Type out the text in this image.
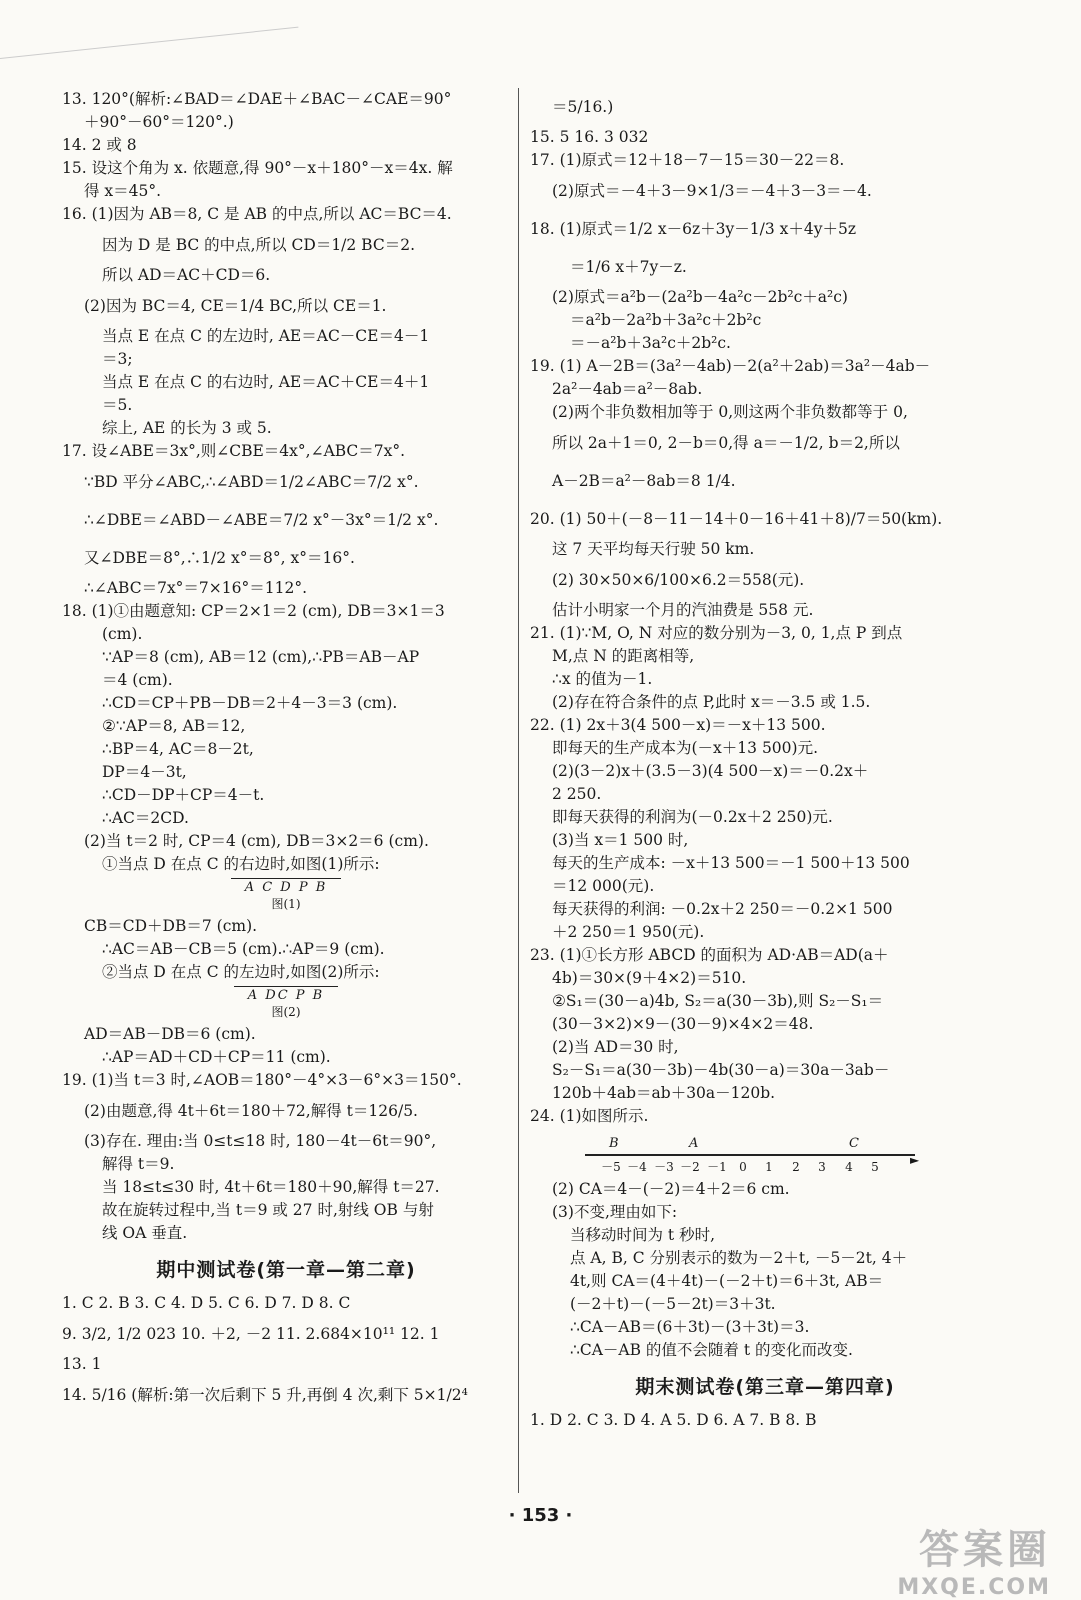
13. 120°(解析:∠BAD＝∠DAE＋∠BAC－∠CAE＝90°
＋90°－60°＝120°.)
14. 2 或 8
15. 设这个角为 x. 依题意,得 90°－x＋180°－x＝4x. 解
得 x＝45°.
16. (1)因为 AB＝8, C 是 AB 的中点,所以 AC＝BC＝4.
因为 D 是 BC 的中点,所以 CD＝1/2 BC＝2.
所以 AD＝AC＋CD＝6.
(2)因为 BC＝4, CE＝1/4 BC,所以 CE＝1.
当点 E 在点 C 的左边时, AE＝AC－CE＝4－1
＝3;
当点 E 在点 C 的右边时, AE＝AC＋CE＝4＋1
＝5.
综上, AE 的长为 3 或 5.
17. 设∠ABE＝3x°,则∠CBE＝4x°,∠ABC＝7x°.
∵BD 平分∠ABC,∴∠ABD＝1/2∠ABC＝7/2 x°.
∴∠DBE＝∠ABD－∠ABE＝7/2 x°－3x°＝1/2 x°.
又∠DBE＝8°,∴1/2 x°＝8°, x°＝16°.
∴∠ABC＝7x°＝7×16°＝112°.
18. (1)①由题意知: CP＝2×1＝2 (cm), DB＝3×1＝3
(cm).
∵AP＝8 (cm), AB＝12 (cm),∴PB＝AB－AP
＝4 (cm).
∴CD＝CP＋PB－DB＝2＋4－3＝3 (cm).
②∵AP＝8, AB＝12,
∴BP＝4, AC＝8－2t,
DP＝4－3t,
∴CD－DP＋CP＝4－t.
∴AC＝2CD.
(2)当 t＝2 时, CP＝4 (cm), DB＝3×2＝6 (cm).
①当点 D 在点 C 的右边时,如图(1)所示:
A C D P B
图(1)
CB＝CD＋DB＝7 (cm).
∴AC＝AB－CB＝5 (cm).∴AP＝9 (cm).
②当点 D 在点 C 的左边时,如图(2)所示:
A DC P B
图(2)
AD＝AB－DB＝6 (cm).
∴AP＝AD＋CD＋CP＝11 (cm).
19. (1)当 t＝3 时,∠AOB＝180°－4°×3－6°×3＝150°.
(2)由题意,得 4t＋6t＝180＋72,解得 t＝126/5.
(3)存在. 理由:当 0≤t≤18 时, 180－4t－6t＝90°,
解得 t＝9.
当 18≤t≤30 时, 4t＋6t＝180＋90,解得 t＝27.
故在旋转过程中,当 t＝9 或 27 时,射线 OB 与射
线 OA 垂直.
期中测试卷(第一章—第二章)
1. C 2. B 3. C 4. D 5. C 6. D 7. D 8. C
9. 3/2, 1/2 023 10. ＋2, －2 11. 2.684×10¹¹ 12. 1
13. 1
14. 5/16 (解析:第一次后剩下 5 升,再倒 4 次,剩下 5×1/2⁴
＝5/16.)
15. 5 16. 3 032
17. (1)原式＝12＋18－7－15＝30－22＝8.
(2)原式＝－4＋3－9×1/3＝－4＋3－3＝－4.
18. (1)原式＝1/2 x－6z＋3y－1/3 x＋4y＋5z
＝1/6 x＋7y－z.
(2)原式＝a²b－(2a²b－4a²c－2b²c＋a²c)
＝a²b－2a²b＋3a²c＋2b²c
＝－a²b＋3a²c＋2b²c.
19. (1) A－2B＝(3a²－4ab)－2(a²＋2ab)＝3a²－4ab－
2a²－4ab＝a²－8ab.
(2)两个非负数相加等于 0,则这两个非负数都等于 0,
所以 2a＋1＝0, 2－b＝0,得 a＝－1/2, b＝2,所以
A－2B＝a²－8ab＝8 1/4.
20. (1) 50＋(－8－11－14＋0－16＋41＋8)/7＝50(km).
这 7 天平均每天行驶 50 km.
(2) 30×50×6/100×6.2＝558(元).
估计小明家一个月的汽油费是 558 元.
21. (1)∵M, O, N 对应的数分别为－3, 0, 1,点 P 到点
M,点 N 的距离相等,
∴x 的值为－1.
(2)存在符合条件的点 P,此时 x＝－3.5 或 1.5.
22. (1) 2x＋3(4 500－x)＝－x＋13 500.
即每天的生产成本为(－x＋13 500)元.
(2)(3－2)x＋(3.5－3)(4 500－x)＝－0.2x＋
2 250.
即每天获得的利润为(－0.2x＋2 250)元.
(3)当 x＝1 500 时,
每天的生产成本: －x＋13 500＝－1 500＋13 500
＝12 000(元).
每天获得的利润: －0.2x＋2 250＝－0.2×1 500
＋2 250＝1 950(元).
23. (1)①长方形 ABCD 的面积为 AD·AB＝AD(a＋
4b)＝30×(9＋4×2)＝510.
②S₁＝(30－a)4b, S₂＝a(30－3b),则 S₂－S₁＝
(30－3×2)×9－(30－9)×4×2＝48.
(2)当 AD＝30 时,
S₂－S₁＝a(30－3b)－4b(30－a)＝30a－3ab－
120b＋4ab＝ab＋30a－120b.
24. (1)如图所示.
►
B	A	C
－5 －4 －3 －2 －1	0	1	2	3	4	5
(2) CA＝4－(－2)＝4＋2＝6 cm.
(3)不变,理由如下:
当移动时间为 t 秒时,
点 A, B, C 分别表示的数为－2＋t, －5－2t, 4＋
4t,则 CA＝(4＋4t)－(－2＋t)＝6＋3t, AB＝
(－2＋t)－(－5－2t)＝3＋3t.
∴CA－AB＝(6＋3t)－(3＋3t)＝3.
∴CA－AB 的值不会随着 t 的变化而改变.
期末测试卷(第三章—第四章)
1. D 2. C 3. D 4. A 5. D 6. A 7. B 8. B
· 153 ·
答案圈
MXQE.COM
